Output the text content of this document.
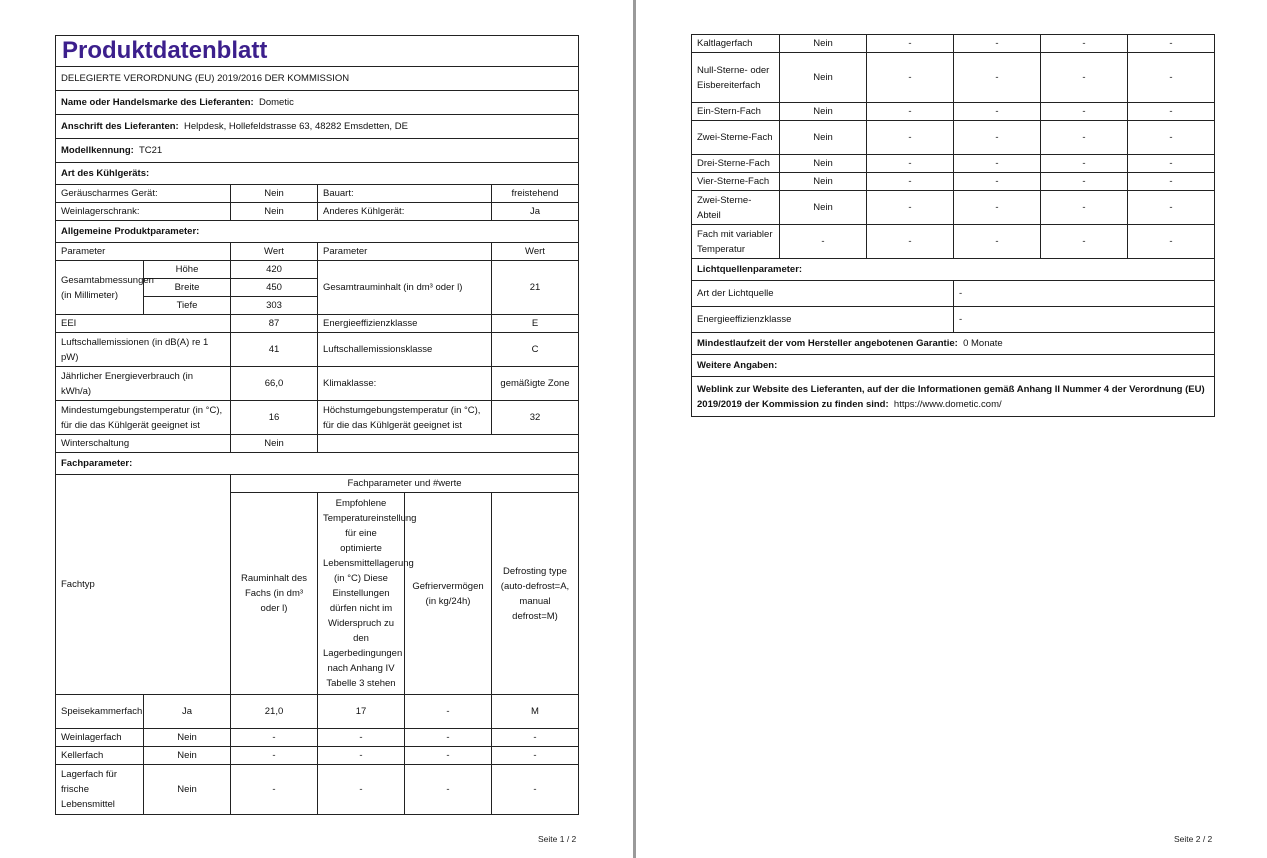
Produktdatenblatt					
DELEGIERTE VERORDNUNG (EU) 2019/2016 DER KOMMISSION					
Name oder Handelsmarke des Lieferanten: Dometic					
Anschrift des Lieferanten: Helpdesk, Hollefeldstrasse 63, 48282 Emsdetten, DE					
Modellkennung: TC21					
Art des Kühlgeräts:					
Geräuscharmes Gerät:		Nein	Bauart:		freistehend
Weinlagerschrank:		Nein	Anderes Kühlgerät:		Ja
Allgemeine Produktparameter:					
Parameter		Wert	Parameter		Wert
Gesamtabmessungen (in Millimeter)	Höhe	420	Gesamtrauminhalt (in dm³ oder l)		21
	Breite	450			
	Tiefe	303			
EEI		87	Energieeffizienzklasse		E
Luftschallemissionen (in dB(A) re 1 pW)		41	Luftschallemissionsklasse		C
Jährlicher Energieverbrauch (in kWh/a)		66,0	Klimaklasse:		gemäßigte Zone
Mindestumgebungstemperatur (in °C), für die das Kühlgerät geeignet ist		16	Höchstumgebungstemperatur (in °C), für die das Kühlgerät geeignet ist		32
Winterschaltung		Nein			
Fachparameter:					
Fachtyp		Fachparameter und #werte			
		Rauminhalt des Fachs (in dm³ oder l)	Empfohlene Temperatureinstellung für eine optimierte Lebensmittellagerung (in °C) Diese Einstellungen dürfen nicht im Widerspruch zu den Lagerbedingungen nach Anhang IV Tabelle 3 stehen	Gefriervermögen (in kg/24h)	Defrosting type (auto-defrost=A, manual defrost=M)
Speisekammerfach	Ja	21,0	17	-	M
Weinlagerfach	Nein	-	-	-	-
Kellerfach	Nein	-	-	-	-
Lagerfach für frische Lebensmittel	Nein	-	-	-	-
Seite 1 / 2
Kaltlagerfach	Nein	-	-	-	-
Null-Sterne- oder Eisbereiterfach	Nein	-	-	-	-
Ein-Stern-Fach	Nein	-	-	-	-
Zwei-Sterne-Fach	Nein	-	-	-	-
Drei-Sterne-Fach	Nein	-	-	-	-
Vier-Sterne-Fach	Nein	-	-	-	-
Zwei-Sterne-Abteil	Nein	-	-	-	-
Fach mit variabler Temperatur	-	-	-	-	-
Lichtquellenparameter:					
Art der Lichtquelle			-		
Energieeffizienzklasse			-		
Mindestlaufzeit der vom Hersteller angebotenen Garantie: 0 Monate					
Weitere Angaben:					
Weblink zur Website des Lieferanten, auf der die Informationen gemäß Anhang II Nummer 4 der Verordnung (EU) 2019/2019 der Kommission zu finden sind: https://www.dometic.com/					
Seite 2 / 2
